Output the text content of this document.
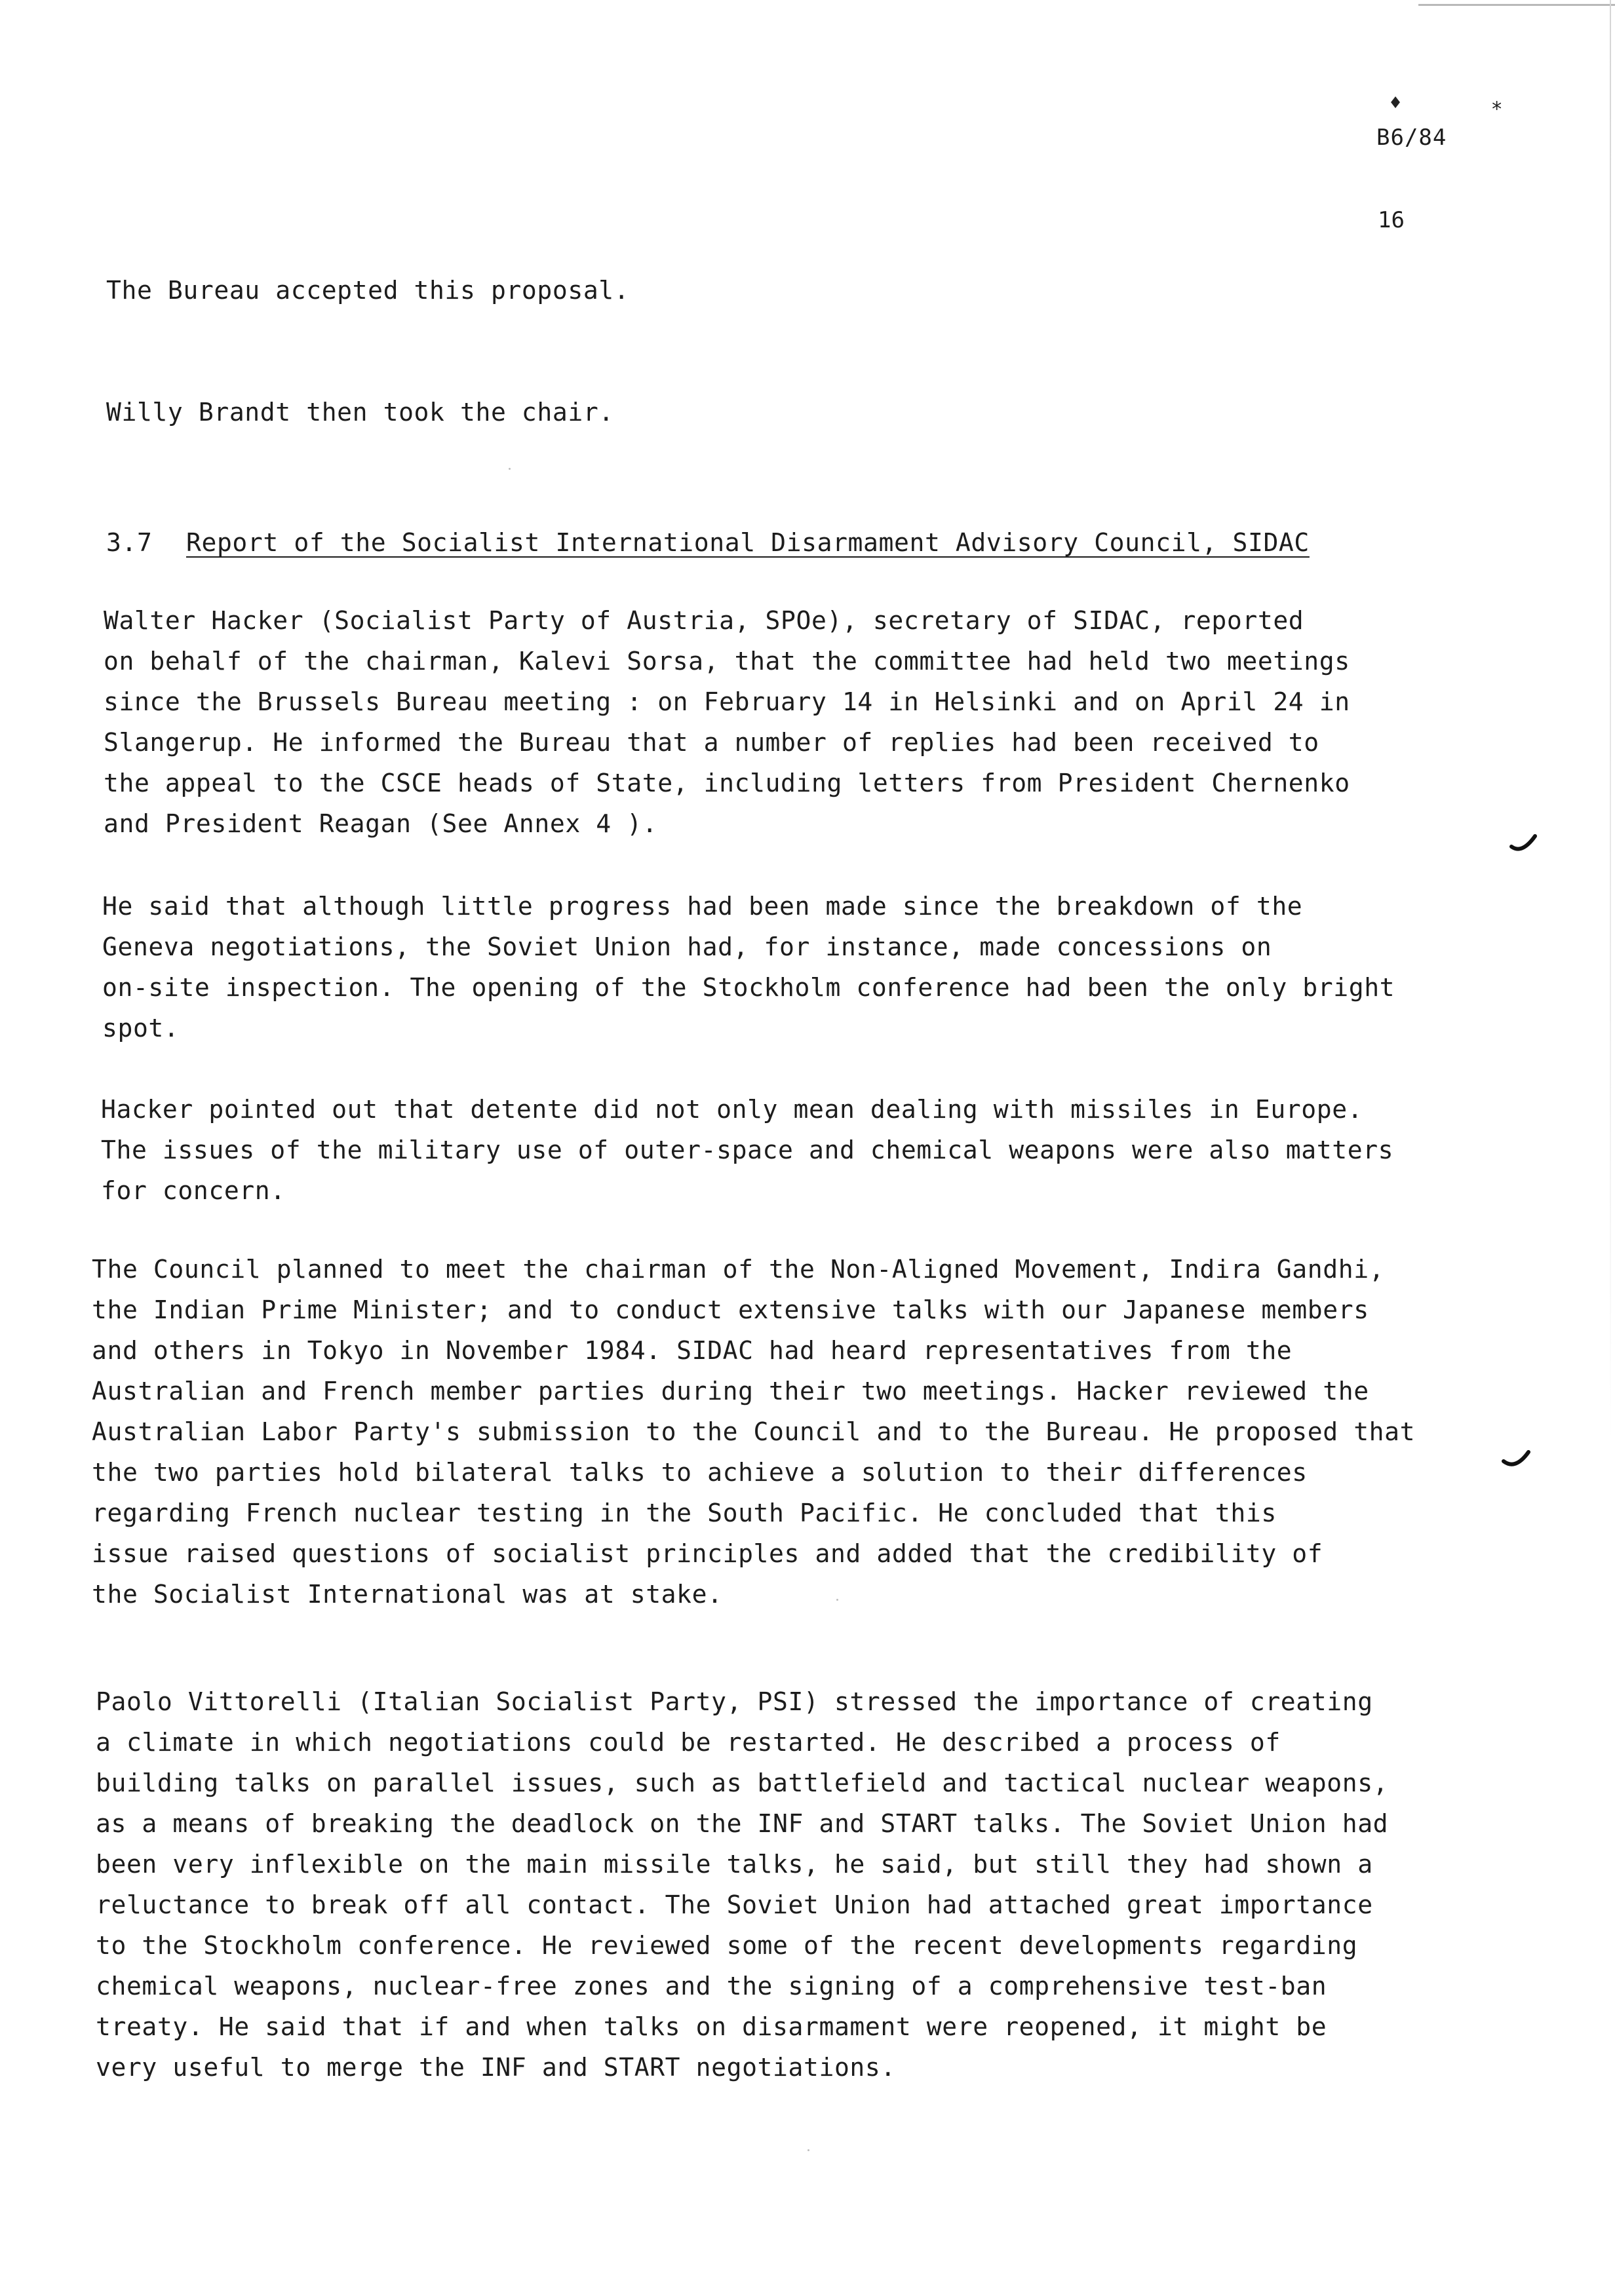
♦ ⁎
B6/84
16
The Bureau accepted this proposal.
Willy Brandt then took the chair.
3.7 Report of the Socialist International Disarmament Advisory Council, SIDAC
Walter Hacker (Socialist Party of Austria, SPOe), secretary of SIDAC, reported
on behalf of the chairman, Kalevi Sorsa, that the committee had held two meetings
since the Brussels Bureau meeting : on February 14 in Helsinki and on April 24 in
Slangerup. He informed the Bureau that a number of replies had been received to
the appeal to the CSCE heads of State, including letters from President Chernenko
and President Reagan (See Annex 4 ).
He said that although little progress had been made since the breakdown of the
Geneva negotiations, the Soviet Union had, for instance, made concessions on
on-site inspection. The opening of the Stockholm conference had been the only bright
spot.
Hacker pointed out that detente did not only mean dealing with missiles in Europe.
The issues of the military use of outer-space and chemical weapons were also matters
for concern.
The Council planned to meet the chairman of the Non-Aligned Movement, Indira Gandhi,
the Indian Prime Minister; and to conduct extensive talks with our Japanese members
and others in Tokyo in November 1984. SIDAC had heard representatives from the
Australian and French member parties during their two meetings. Hacker reviewed the
Australian Labor Party's submission to the Council and to the Bureau. He proposed that
the two parties hold bilateral talks to achieve a solution to their differences
regarding French nuclear testing in the South Pacific. He concluded that this
issue raised questions of socialist principles and added that the credibility of
the Socialist International was at stake.
Paolo Vittorelli (Italian Socialist Party, PSI) stressed the importance of creating
a climate in which negotiations could be restarted. He described a process of
building talks on parallel issues, such as battlefield and tactical nuclear weapons,
as a means of breaking the deadlock on the INF and START talks. The Soviet Union had
been very inflexible on the main missile talks, he said, but still they had shown a
reluctance to break off all contact. The Soviet Union had attached great importance
to the Stockholm conference. He reviewed some of the recent developments regarding
chemical weapons, nuclear-free zones and the signing of a comprehensive test-ban
treaty. He said that if and when talks on disarmament were reopened, it might be
very useful to merge the INF and START negotiations.
